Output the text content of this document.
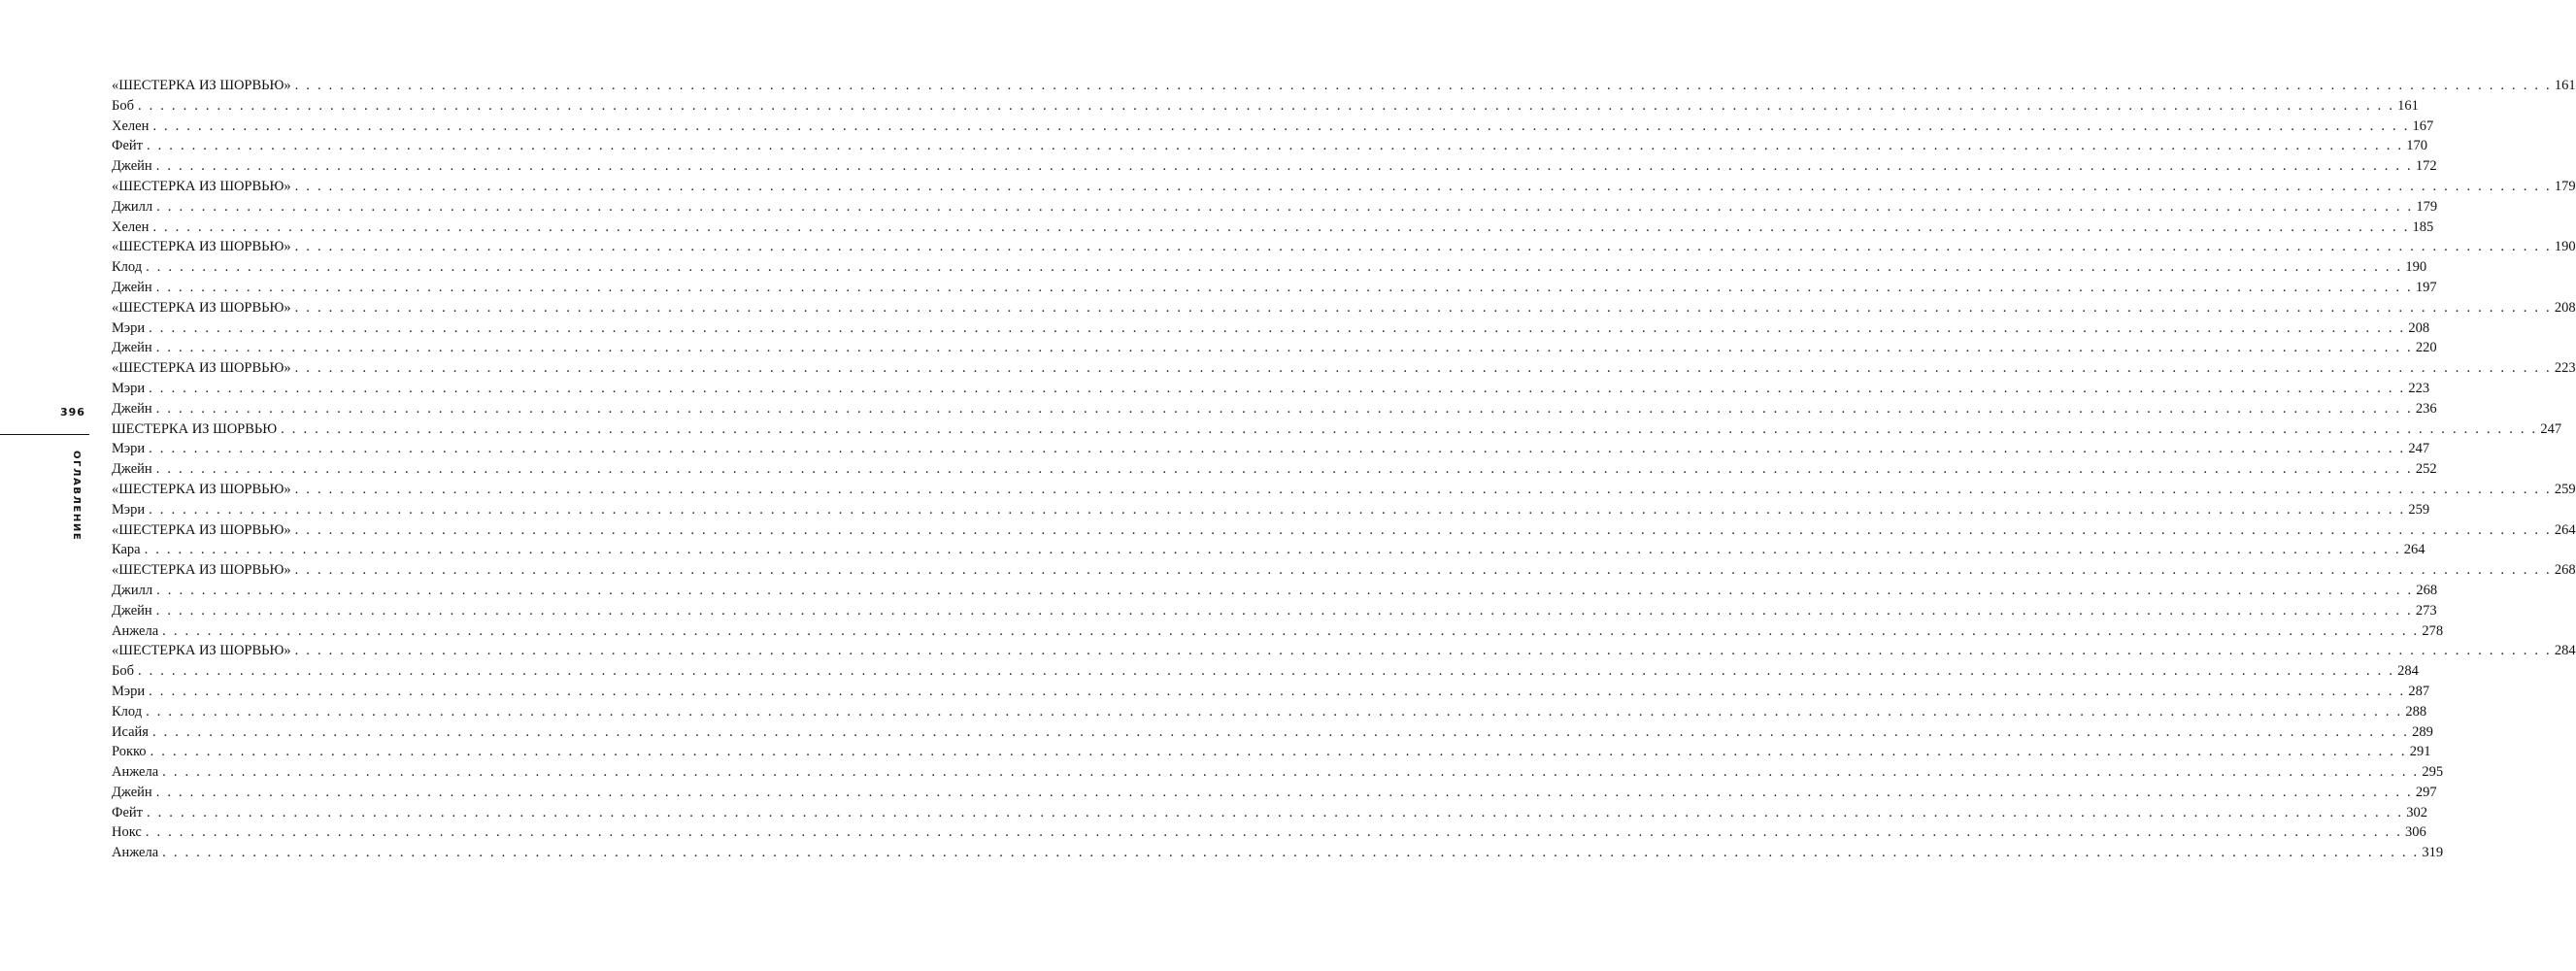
396
ОГЛАВЛЕНИЕ
«ШЕСТЕРКА ИЗ ШОРВЬЮ» . . . . . . . . . . . . . . . . . . . . . . . . . . . . . . . . . . . . . . . . . . . . . . . . . . . . . . . . . . . . . . . . . . . . . . . . . . . . . . . . . . . . . . . . . . . . . . . . . . . . . . . . . . . . . . . . . . . . . . . . . . . . . . . . . . . . . . . . . . . . . . . . . . . . . . . . . . . . . . . . . . . . . . . . . . . . . . . . . . . . . . . . . . . . . . . . . . . . . . . . 161
Боб . . . . . . . . . . . . . . . . . . . . . . . . . . . . . . . . . . . . . . . . . . . . . . . . . . . . . . . . . . . . . . . . . . . . . . . . . . . . . . . . . . . . . . . . . . . . . . . . . . . . . . . . . . . . . . . . . . . . . . . . . . . . . . . . . . . . . . . . . . . . . . . . . . . . . . . . . . . . . . . . . . . . . . . . . . . . . . . . . . . . . . . . . . . . . . . . . . . . . . . . 161
Хелен . . . . . . . . . . . . . . . . . . . . . . . . . . . . . . . . . . . . . . . . . . . . . . . . . . . . . . . . . . . . . . . . . . . . . . . . . . . . . . . . . . . . . . . . . . . . . . . . . . . . . . . . . . . . . . . . . . . . . . . . . . . . . . . . . . . . . . . . . . . . . . . . . . . . . . . . . . . . . . . . . . . . . . . . . . . . . . . . . . . . . . . . . . . . . . . . . . . . . . . . 167
Фейт . . . . . . . . . . . . . . . . . . . . . . . . . . . . . . . . . . . . . . . . . . . . . . . . . . . . . . . . . . . . . . . . . . . . . . . . . . . . . . . . . . . . . . . . . . . . . . . . . . . . . . . . . . . . . . . . . . . . . . . . . . . . . . . . . . . . . . . . . . . . . . . . . . . . . . . . . . . . . . . . . . . . . . . . . . . . . . . . . . . . . . . . . . . . . . . . . . . . . . . . 170
Джейн . . . . . . . . . . . . . . . . . . . . . . . . . . . . . . . . . . . . . . . . . . . . . . . . . . . . . . . . . . . . . . . . . . . . . . . . . . . . . . . . . . . . . . . . . . . . . . . . . . . . . . . . . . . . . . . . . . . . . . . . . . . . . . . . . . . . . . . . . . . . . . . . . . . . . . . . . . . . . . . . . . . . . . . . . . . . . . . . . . . . . . . . . . . . . . . . . . . . . . . . 172
«ШЕСТЕРКА ИЗ ШОРВЬЮ» . . . . . . . . . . . . . . . . . . . . . . . . . . . . . . . . . . . . . . . . . . . . . . . . . . . . . . . . . . . . . . . . . . . . . . . . . . . . . . . . . . . . . . . . . . . . . . . . . . . . . . . . . . . . . . . . . . . . . . . . . . . . . . . . . . . . . . . . . . . . . . . . . . . . . . . . . . . . . . . . . . . . . . . . . . . . . . . . . . . . . . . . . . . . . . . . . . . . . . . . 179
Джилл . . . . . . . . . . . . . . . . . . . . . . . . . . . . . . . . . . . . . . . . . . . . . . . . . . . . . . . . . . . . . . . . . . . . . . . . . . . . . . . . . . . . . . . . . . . . . . . . . . . . . . . . . . . . . . . . . . . . . . . . . . . . . . . . . . . . . . . . . . . . . . . . . . . . . . . . . . . . . . . . . . . . . . . . . . . . . . . . . . . . . . . . . . . . . . . . . . . . . . . . 179
Хелен . . . . . . . . . . . . . . . . . . . . . . . . . . . . . . . . . . . . . . . . . . . . . . . . . . . . . . . . . . . . . . . . . . . . . . . . . . . . . . . . . . . . . . . . . . . . . . . . . . . . . . . . . . . . . . . . . . . . . . . . . . . . . . . . . . . . . . . . . . . . . . . . . . . . . . . . . . . . . . . . . . . . . . . . . . . . . . . . . . . . . . . . . . . . . . . . . . . . . . . . 185
«ШЕСТЕРКА ИЗ ШОРВЬЮ» . . . . . . . . . . . . . . . . . . . . . . . . . . . . . . . . . . . . . . . . . . . . . . . . . . . . . . . . . . . . . . . . . . . . . . . . . . . . . . . . . . . . . . . . . . . . . . . . . . . . . . . . . . . . . . . . . . . . . . . . . . . . . . . . . . . . . . . . . . . . . . . . . . . . . . . . . . . . . . . . . . . . . . . . . . . . . . . . . . . . . . . . . . . . . . . . . . . . . . . . 190
Клод . . . . . . . . . . . . . . . . . . . . . . . . . . . . . . . . . . . . . . . . . . . . . . . . . . . . . . . . . . . . . . . . . . . . . . . . . . . . . . . . . . . . . . . . . . . . . . . . . . . . . . . . . . . . . . . . . . . . . . . . . . . . . . . . . . . . . . . . . . . . . . . . . . . . . . . . . . . . . . . . . . . . . . . . . . . . . . . . . . . . . . . . . . . . . . . . . . . . . . . . 190
Джейн . . . . . . . . . . . . . . . . . . . . . . . . . . . . . . . . . . . . . . . . . . . . . . . . . . . . . . . . . . . . . . . . . . . . . . . . . . . . . . . . . . . . . . . . . . . . . . . . . . . . . . . . . . . . . . . . . . . . . . . . . . . . . . . . . . . . . . . . . . . . . . . . . . . . . . . . . . . . . . . . . . . . . . . . . . . . . . . . . . . . . . . . . . . . . . . . . . . . . . . . 197
«ШЕСТЕРКА ИЗ ШОРВЬЮ» . . . . . . . . . . . . . . . . . . . . . . . . . . . . . . . . . . . . . . . . . . . . . . . . . . . . . . . . . . . . . . . . . . . . . . . . . . . . . . . . . . . . . . . . . . . . . . . . . . . . . . . . . . . . . . . . . . . . . . . . . . . . . . . . . . . . . . . . . . . . . . . . . . . . . . . . . . . . . . . . . . . . . . . . . . . . . . . . . . . . . . . . . . . . . . . . . . . . . . . . 208
Мэри . . . . . . . . . . . . . . . . . . . . . . . . . . . . . . . . . . . . . . . . . . . . . . . . . . . . . . . . . . . . . . . . . . . . . . . . . . . . . . . . . . . . . . . . . . . . . . . . . . . . . . . . . . . . . . . . . . . . . . . . . . . . . . . . . . . . . . . . . . . . . . . . . . . . . . . . . . . . . . . . . . . . . . . . . . . . . . . . . . . . . . . . . . . . . . . . . . . . . . . . 208
Джейн . . . . . . . . . . . . . . . . . . . . . . . . . . . . . . . . . . . . . . . . . . . . . . . . . . . . . . . . . . . . . . . . . . . . . . . . . . . . . . . . . . . . . . . . . . . . . . . . . . . . . . . . . . . . . . . . . . . . . . . . . . . . . . . . . . . . . . . . . . . . . . . . . . . . . . . . . . . . . . . . . . . . . . . . . . . . . . . . . . . . . . . . . . . . . . . . . . . . . . . . 220
«ШЕСТЕРКА ИЗ ШОРВЬЮ» . . . . . . . . . . . . . . . . . . . . . . . . . . . . . . . . . . . . . . . . . . . . . . . . . . . . . . . . . . . . . . . . . . . . . . . . . . . . . . . . . . . . . . . . . . . . . . . . . . . . . . . . . . . . . . . . . . . . . . . . . . . . . . . . . . . . . . . . . . . . . . . . . . . . . . . . . . . . . . . . . . . . . . . . . . . . . . . . . . . . . . . . . . . . . . . . . . . . . . . . 223
Мэри . . . . . . . . . . . . . . . . . . . . . . . . . . . . . . . . . . . . . . . . . . . . . . . . . . . . . . . . . . . . . . . . . . . . . . . . . . . . . . . . . . . . . . . . . . . . . . . . . . . . . . . . . . . . . . . . . . . . . . . . . . . . . . . . . . . . . . . . . . . . . . . . . . . . . . . . . . . . . . . . . . . . . . . . . . . . . . . . . . . . . . . . . . . . . . . . . . . . . . . . 223
Джейн . . . . . . . . . . . . . . . . . . . . . . . . . . . . . . . . . . . . . . . . . . . . . . . . . . . . . . . . . . . . . . . . . . . . . . . . . . . . . . . . . . . . . . . . . . . . . . . . . . . . . . . . . . . . . . . . . . . . . . . . . . . . . . . . . . . . . . . . . . . . . . . . . . . . . . . . . . . . . . . . . . . . . . . . . . . . . . . . . . . . . . . . . . . . . . . . . . . . . . . . 236
ШЕСТЕРКА ИЗ ШОРВЬЮ . . . . . . . . . . . . . . . . . . . . . . . . . . . . . . . . . . . . . . . . . . . . . . . . . . . . . . . . . . . . . . . . . . . . . . . . . . . . . . . . . . . . . . . . . . . . . . . . . . . . . . . . . . . . . . . . . . . . . . . . . . . . . . . . . . . . . . . . . . . . . . . . . . . . . . . . . . . . . . . . . . . . . . . . . . . . . . . . . . . . . . . . . . . . . . . . . . . . . . . . 247
Мэри . . . . . . . . . . . . . . . . . . . . . . . . . . . . . . . . . . . . . . . . . . . . . . . . . . . . . . . . . . . . . . . . . . . . . . . . . . . . . . . . . . . . . . . . . . . . . . . . . . . . . . . . . . . . . . . . . . . . . . . . . . . . . . . . . . . . . . . . . . . . . . . . . . . . . . . . . . . . . . . . . . . . . . . . . . . . . . . . . . . . . . . . . . . . . . . . . . . . . . . . 247
Джейн . . . . . . . . . . . . . . . . . . . . . . . . . . . . . . . . . . . . . . . . . . . . . . . . . . . . . . . . . . . . . . . . . . . . . . . . . . . . . . . . . . . . . . . . . . . . . . . . . . . . . . . . . . . . . . . . . . . . . . . . . . . . . . . . . . . . . . . . . . . . . . . . . . . . . . . . . . . . . . . . . . . . . . . . . . . . . . . . . . . . . . . . . . . . . . . . . . . . . . . . 252
«ШЕСТЕРКА ИЗ ШОРВЬЮ» . . . . . . . . . . . . . . . . . . . . . . . . . . . . . . . . . . . . . . . . . . . . . . . . . . . . . . . . . . . . . . . . . . . . . . . . . . . . . . . . . . . . . . . . . . . . . . . . . . . . . . . . . . . . . . . . . . . . . . . . . . . . . . . . . . . . . . . . . . . . . . . . . . . . . . . . . . . . . . . . . . . . . . . . . . . . . . . . . . . . . . . . . . . . . . . . . . . . . . . . 259
Мэри . . . . . . . . . . . . . . . . . . . . . . . . . . . . . . . . . . . . . . . . . . . . . . . . . . . . . . . . . . . . . . . . . . . . . . . . . . . . . . . . . . . . . . . . . . . . . . . . . . . . . . . . . . . . . . . . . . . . . . . . . . . . . . . . . . . . . . . . . . . . . . . . . . . . . . . . . . . . . . . . . . . . . . . . . . . . . . . . . . . . . . . . . . . . . . . . . . . . . . . . 259
«ШЕСТЕРКА ИЗ ШОРВЬЮ» . . . . . . . . . . . . . . . . . . . . . . . . . . . . . . . . . . . . . . . . . . . . . . . . . . . . . . . . . . . . . . . . . . . . . . . . . . . . . . . . . . . . . . . . . . . . . . . . . . . . . . . . . . . . . . . . . . . . . . . . . . . . . . . . . . . . . . . . . . . . . . . . . . . . . . . . . . . . . . . . . . . . . . . . . . . . . . . . . . . . . . . . . . . . . . . . . . . . . . . . 264
Кара . . . . . . . . . . . . . . . . . . . . . . . . . . . . . . . . . . . . . . . . . . . . . . . . . . . . . . . . . . . . . . . . . . . . . . . . . . . . . . . . . . . . . . . . . . . . . . . . . . . . . . . . . . . . . . . . . . . . . . . . . . . . . . . . . . . . . . . . . . . . . . . . . . . . . . . . . . . . . . . . . . . . . . . . . . . . . . . . . . . . . . . . . . . . . . . . . . . . . . . . 264
«ШЕСТЕРКА ИЗ ШОРВЬЮ» . . . . . . . . . . . . . . . . . . . . . . . . . . . . . . . . . . . . . . . . . . . . . . . . . . . . . . . . . . . . . . . . . . . . . . . . . . . . . . . . . . . . . . . . . . . . . . . . . . . . . . . . . . . . . . . . . . . . . . . . . . . . . . . . . . . . . . . . . . . . . . . . . . . . . . . . . . . . . . . . . . . . . . . . . . . . . . . . . . . . . . . . . . . . . . . . . . . . . . . . 268
Джилл . . . . . . . . . . . . . . . . . . . . . . . . . . . . . . . . . . . . . . . . . . . . . . . . . . . . . . . . . . . . . . . . . . . . . . . . . . . . . . . . . . . . . . . . . . . . . . . . . . . . . . . . . . . . . . . . . . . . . . . . . . . . . . . . . . . . . . . . . . . . . . . . . . . . . . . . . . . . . . . . . . . . . . . . . . . . . . . . . . . . . . . . . . . . . . . . . . . . . . . . 268
Джейн . . . . . . . . . . . . . . . . . . . . . . . . . . . . . . . . . . . . . . . . . . . . . . . . . . . . . . . . . . . . . . . . . . . . . . . . . . . . . . . . . . . . . . . . . . . . . . . . . . . . . . . . . . . . . . . . . . . . . . . . . . . . . . . . . . . . . . . . . . . . . . . . . . . . . . . . . . . . . . . . . . . . . . . . . . . . . . . . . . . . . . . . . . . . . . . . . . . . . . . . 273
Анжела . . . . . . . . . . . . . . . . . . . . . . . . . . . . . . . . . . . . . . . . . . . . . . . . . . . . . . . . . . . . . . . . . . . . . . . . . . . . . . . . . . . . . . . . . . . . . . . . . . . . . . . . . . . . . . . . . . . . . . . . . . . . . . . . . . . . . . . . . . . . . . . . . . . . . . . . . . . . . . . . . . . . . . . . . . . . . . . . . . . . . . . . . . . . . . . . . . . . . . . . 278
«ШЕСТЕРКА ИЗ ШОРВЬЮ» . . . . . . . . . . . . . . . . . . . . . . . . . . . . . . . . . . . . . . . . . . . . . . . . . . . . . . . . . . . . . . . . . . . . . . . . . . . . . . . . . . . . . . . . . . . . . . . . . . . . . . . . . . . . . . . . . . . . . . . . . . . . . . . . . . . . . . . . . . . . . . . . . . . . . . . . . . . . . . . . . . . . . . . . . . . . . . . . . . . . . . . . . . . . . . . . . . . . . . . . 284
Боб . . . . . . . . . . . . . . . . . . . . . . . . . . . . . . . . . . . . . . . . . . . . . . . . . . . . . . . . . . . . . . . . . . . . . . . . . . . . . . . . . . . . . . . . . . . . . . . . . . . . . . . . . . . . . . . . . . . . . . . . . . . . . . . . . . . . . . . . . . . . . . . . . . . . . . . . . . . . . . . . . . . . . . . . . . . . . . . . . . . . . . . . . . . . . . . . . . . . . . . . 284
Мэри . . . . . . . . . . . . . . . . . . . . . . . . . . . . . . . . . . . . . . . . . . . . . . . . . . . . . . . . . . . . . . . . . . . . . . . . . . . . . . . . . . . . . . . . . . . . . . . . . . . . . . . . . . . . . . . . . . . . . . . . . . . . . . . . . . . . . . . . . . . . . . . . . . . . . . . . . . . . . . . . . . . . . . . . . . . . . . . . . . . . . . . . . . . . . . . . . . . . . . . . 287
Клод . . . . . . . . . . . . . . . . . . . . . . . . . . . . . . . . . . . . . . . . . . . . . . . . . . . . . . . . . . . . . . . . . . . . . . . . . . . . . . . . . . . . . . . . . . . . . . . . . . . . . . . . . . . . . . . . . . . . . . . . . . . . . . . . . . . . . . . . . . . . . . . . . . . . . . . . . . . . . . . . . . . . . . . . . . . . . . . . . . . . . . . . . . . . . . . . . . . . . . . . 288
Исайя . . . . . . . . . . . . . . . . . . . . . . . . . . . . . . . . . . . . . . . . . . . . . . . . . . . . . . . . . . . . . . . . . . . . . . . . . . . . . . . . . . . . . . . . . . . . . . . . . . . . . . . . . . . . . . . . . . . . . . . . . . . . . . . . . . . . . . . . . . . . . . . . . . . . . . . . . . . . . . . . . . . . . . . . . . . . . . . . . . . . . . . . . . . . . . . . . . . . . . . . 289
Рокко . . . . . . . . . . . . . . . . . . . . . . . . . . . . . . . . . . . . . . . . . . . . . . . . . . . . . . . . . . . . . . . . . . . . . . . . . . . . . . . . . . . . . . . . . . . . . . . . . . . . . . . . . . . . . . . . . . . . . . . . . . . . . . . . . . . . . . . . . . . . . . . . . . . . . . . . . . . . . . . . . . . . . . . . . . . . . . . . . . . . . . . . . . . . . . . . . . . . . . . . 291
Анжела . . . . . . . . . . . . . . . . . . . . . . . . . . . . . . . . . . . . . . . . . . . . . . . . . . . . . . . . . . . . . . . . . . . . . . . . . . . . . . . . . . . . . . . . . . . . . . . . . . . . . . . . . . . . . . . . . . . . . . . . . . . . . . . . . . . . . . . . . . . . . . . . . . . . . . . . . . . . . . . . . . . . . . . . . . . . . . . . . . . . . . . . . . . . . . . . . . . . . . . . 295
Джейн . . . . . . . . . . . . . . . . . . . . . . . . . . . . . . . . . . . . . . . . . . . . . . . . . . . . . . . . . . . . . . . . . . . . . . . . . . . . . . . . . . . . . . . . . . . . . . . . . . . . . . . . . . . . . . . . . . . . . . . . . . . . . . . . . . . . . . . . . . . . . . . . . . . . . . . . . . . . . . . . . . . . . . . . . . . . . . . . . . . . . . . . . . . . . . . . . . . . . . . . 297
Фейт . . . . . . . . . . . . . . . . . . . . . . . . . . . . . . . . . . . . . . . . . . . . . . . . . . . . . . . . . . . . . . . . . . . . . . . . . . . . . . . . . . . . . . . . . . . . . . . . . . . . . . . . . . . . . . . . . . . . . . . . . . . . . . . . . . . . . . . . . . . . . . . . . . . . . . . . . . . . . . . . . . . . . . . . . . . . . . . . . . . . . . . . . . . . . . . . . . . . . . . . 302
Нокс . . . . . . . . . . . . . . . . . . . . . . . . . . . . . . . . . . . . . . . . . . . . . . . . . . . . . . . . . . . . . . . . . . . . . . . . . . . . . . . . . . . . . . . . . . . . . . . . . . . . . . . . . . . . . . . . . . . . . . . . . . . . . . . . . . . . . . . . . . . . . . . . . . . . . . . . . . . . . . . . . . . . . . . . . . . . . . . . . . . . . . . . . . . . . . . . . . . . . . . . 306
Анжела . . . . . . . . . . . . . . . . . . . . . . . . . . . . . . . . . . . . . . . . . . . . . . . . . . . . . . . . . . . . . . . . . . . . . . . . . . . . . . . . . . . . . . . . . . . . . . . . . . . . . . . . . . . . . . . . . . . . . . . . . . . . . . . . . . . . . . . . . . . . . . . . . . . . . . . . . . . . . . . . . . . . . . . . . . . . . . . . . . . . . . . . . . . . . . . . . . . . . . . . 319
